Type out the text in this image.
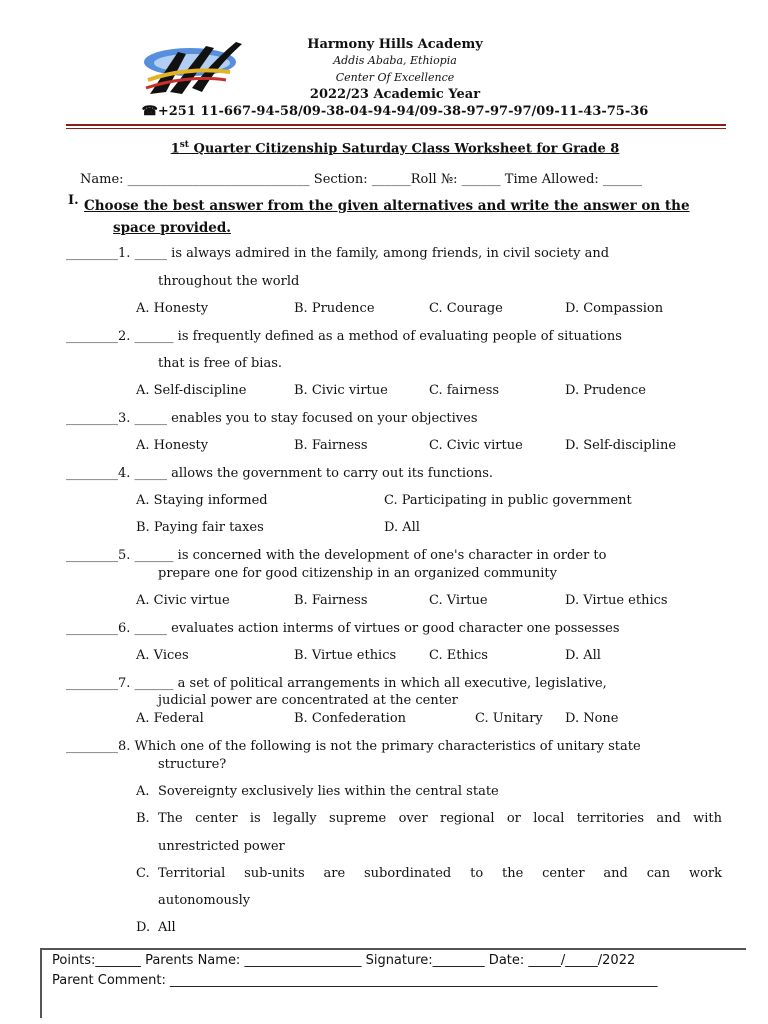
Harmony Hills Academy
Addis Ababa, Ethiopia
Center Of Excellence
2022/23 Academic Year
☎+251 11-667-94-58/09-38-04-94-94/09-38-97-97-97/09-11-43-75-36
1st Quarter Citizenship Saturday Class Worksheet for Grade 8
Name: ____________________________ Section: ______Roll №: ______ Time Allowed: ______
I. Choose the best answer from the given alternatives and write the answer on the
space provided.
________1. _____ is always admired in the family, among friends, in civil society and
throughout the world
A. Honesty	B. Prudence	C. Courage	D. Compassion
________2. ______ is frequently defined as a method of evaluating people of situations
that is free of bias.
A. Self-discipline	B. Civic virtue	C. fairness	D. Prudence
________3. _____ enables you to stay focused on your objectives
A. Honesty	B. Fairness	C. Civic virtue	D. Self-discipline
________4. _____ allows the government to carry out its functions.
A. Staying informed	C. Participating in public government
B. Paying fair taxes	D. All
________5. ______ is concerned with the development of one's character in order to
prepare one for good citizenship in an organized community
A. Civic virtue	B. Fairness	C. Virtue	D. Virtue ethics
________6. _____ evaluates action interms of virtues or good character one possesses
A. Vices	B. Virtue ethics	C. Ethics	D. All
________7. ______ a set of political arrangements in which all executive, legislative,
judicial power are concentrated at the center
A. Federal	B. Confederation	C. Unitary D. None
________8. Which one of the following is not the primary characteristics of unitary state
structure?
A. Sovereignty exclusively lies within the central state
B. The center is legally supreme over regional or local territories and with
unrestricted power
C. Territorial sub-units are subordinated to the center and can work
autonomously
D. All
Points:_______ Parents Name: __________________ Signature:________ Date: _____/_____/2022
Parent Comment: ___________________________________________________________________________
